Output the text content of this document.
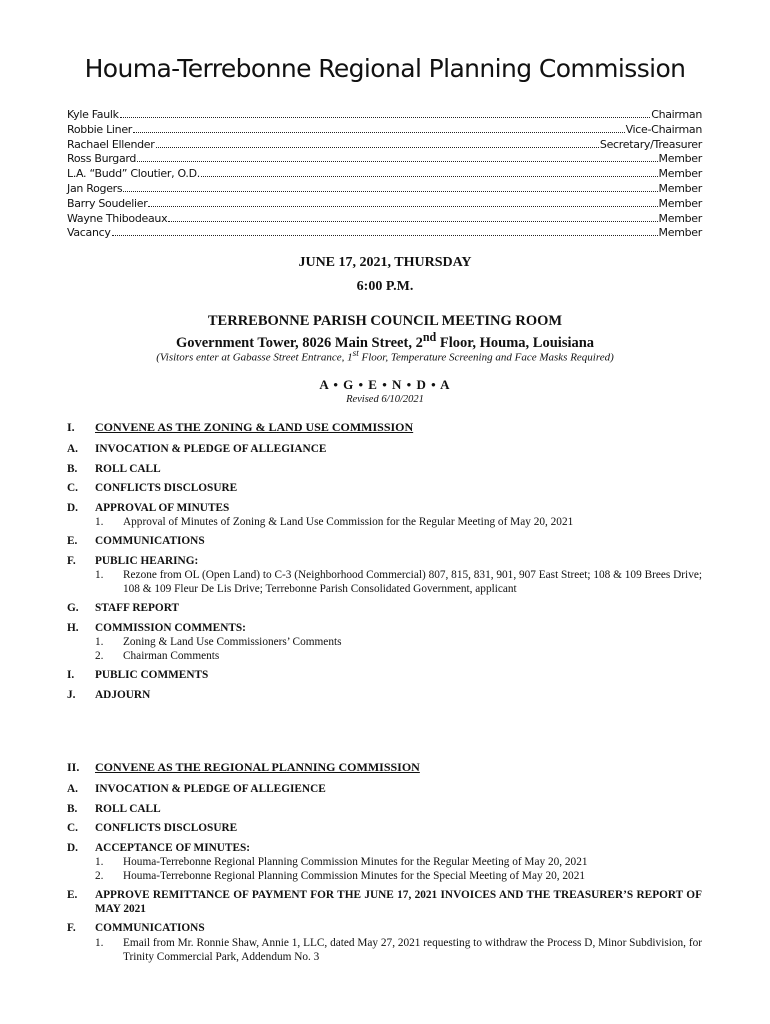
Houma-Terrebonne Regional Planning Commission
Kyle Faulk	Chairman
Robbie Liner	Vice-Chairman
Rachael Ellender	Secretary/Treasurer
Ross Burgard	Member
L.A. “Budd” Cloutier, O.D.	Member
Jan Rogers	Member
Barry Soudelier	Member
Wayne Thibodeaux	Member
Vacancy	Member
JUNE 17, 2021, THURSDAY
6:00 P.M.
TERREBONNE PARISH COUNCIL MEETING ROOM
Government Tower, 8026 Main Street, 2nd Floor, Houma, Louisiana
(Visitors enter at Gabasse Street Entrance, 1st Floor, Temperature Screening and Face Masks Required)
A • G • E • N • D • A
Revised 6/10/2021
I.	CONVENE AS THE ZONING & LAND USE COMMISSION
A.	INVOCATION & PLEDGE OF ALLEGIANCE
B.	ROLL CALL
C.	CONFLICTS DISCLOSURE
D.	APPROVAL OF MINUTES
1.	Approval of Minutes of Zoning & Land Use Commission for the Regular Meeting of May 20, 2021
E.	COMMUNICATIONS
F.	PUBLIC HEARING:
1.	Rezone from OL (Open Land) to C-3 (Neighborhood Commercial) 807, 815, 831, 901, 907 East Street; 108 & 109 Brees Drive; 108 & 109 Fleur De Lis Drive; Terrebonne Parish Consolidated Government, applicant
G.	STAFF REPORT
H.	COMMISSION COMMENTS:
1.	Zoning & Land Use Commissioners’ Comments
2.	Chairman Comments
I.	PUBLIC COMMENTS
J.	ADJOURN
II.	CONVENE AS THE REGIONAL PLANNING COMMISSION
A.	INVOCATION & PLEDGE OF ALLEGIENCE
B.	ROLL CALL
C.	CONFLICTS DISCLOSURE
D.	ACCEPTANCE OF MINUTES:
1.	Houma-Terrebonne Regional Planning Commission Minutes for the Regular Meeting of May 20, 2021
2.	Houma-Terrebonne Regional Planning Commission Minutes for the Special Meeting of May 20, 2021
E.	APPROVE REMITTANCE OF PAYMENT FOR THE JUNE 17, 2021 INVOICES AND THE TREASURER’S REPORT OF MAY 2021
F.	COMMUNICATIONS
1.	Email from Mr. Ronnie Shaw, Annie 1, LLC, dated May 27, 2021 requesting to withdraw the Process D, Minor Subdivision, for Trinity Commercial Park, Addendum No. 3
